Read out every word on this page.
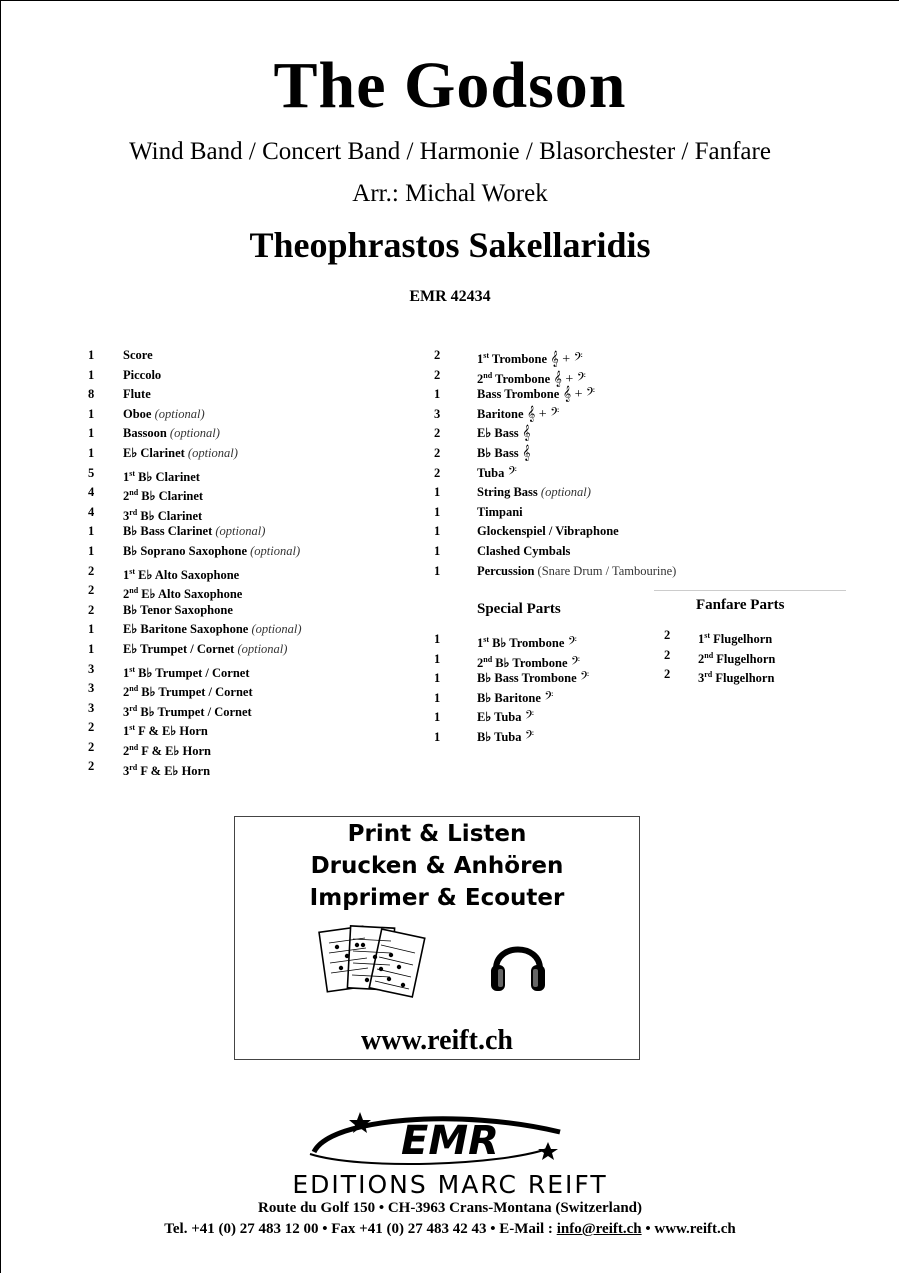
The Godson
Wind Band / Concert Band / Harmonie / Blasorchester / Fanfare
Arr.: Michal Worek
Theophrastos Sakellaridis
EMR 42434
1 Score
1 Piccolo
8 Flute
1 Oboe (optional)
1 Bassoon (optional)
1 E♭ Clarinet (optional)
5 1st B♭ Clarinet
4 2nd B♭ Clarinet
4 3rd B♭ Clarinet
1 B♭ Bass Clarinet (optional)
1 B♭ Soprano Saxophone (optional)
2 1st E♭ Alto Saxophone
2 2nd E♭ Alto Saxophone
2 B♭ Tenor Saxophone
1 E♭ Baritone Saxophone (optional)
1 E♭ Trumpet / Cornet (optional)
3 1st B♭ Trumpet / Cornet
3 2nd B♭ Trumpet / Cornet
3 3rd B♭ Trumpet / Cornet
2 1st F & E♭ Horn
2 2nd F & E♭ Horn
2 3rd F & E♭ Horn
2	1st Trombone 𝄞 + 𝄢
2	2nd Trombone 𝄞 + 𝄢
1	Bass Trombone 𝄞 + 𝄢
3	Baritone 𝄞 + 𝄢
2	E♭ Bass 𝄞
2	B♭ Bass 𝄞
2	Tuba 𝄢
1	String Bass (optional)
1	Timpani
1	Glockenspiel / Vibraphone
1	Clashed Cymbals
1	Percussion (Snare Drum / Tambourine)
Special Parts	Fanfare Parts
1	1st B♭ Trombone 𝄢
1	2nd B♭ Trombone 𝄢
1	B♭ Bass Trombone 𝄢
1	B♭ Baritone 𝄢
1	E♭ Tuba 𝄢
1	B♭ Tuba 𝄢
2 1st Flugelhorn
2 2nd Flugelhorn
2 3rd Flugelhorn
Print & Listen
Drucken & Anhören
Imprimer & Ecouter
www.reift.ch
EMR
EDITIONS MARC REIFT
Route du Golf 150 • CH-3963 Crans-Montana (Switzerland)
Tel. +41 (0) 27 483 12 00 • Fax +41 (0) 27 483 42 43 • E-Mail : info@reift.ch • www.reift.ch
